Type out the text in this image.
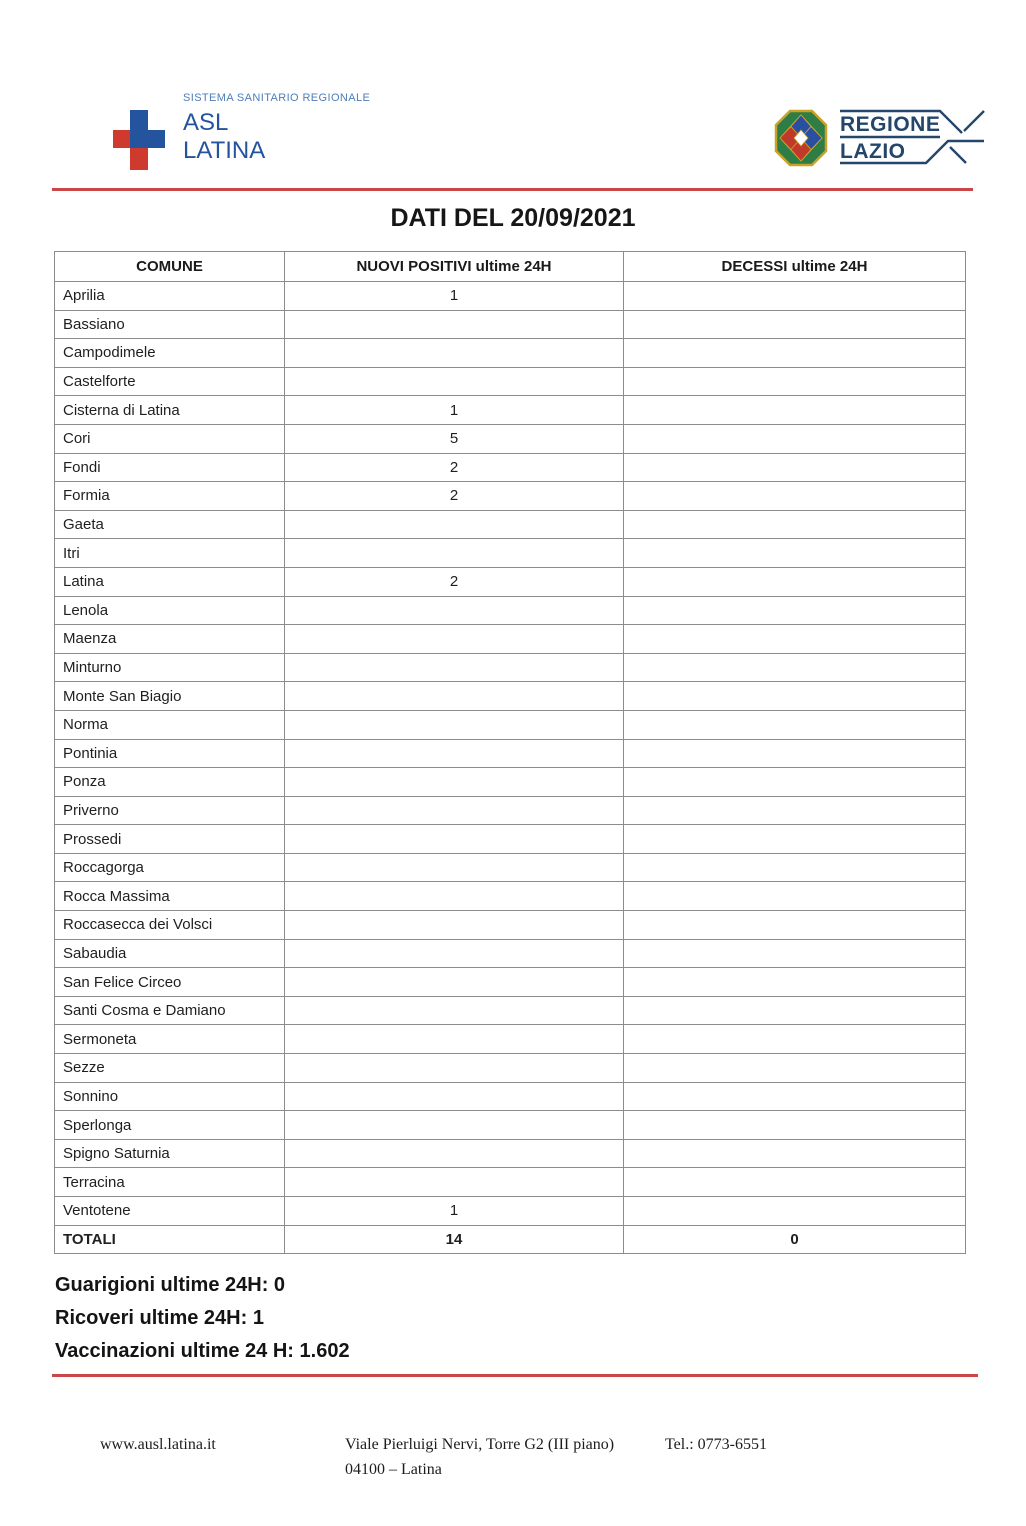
SISTEMA SANITARIO REGIONALE
ASL
LATINA
REGIONE
LAZIO
DATI DEL 20/09/2021
COMUNE	NUOVI POSITIVI ultime 24H	DECESSI ultime 24H
Aprilia	1	
Bassiano		
Campodimele		
Castelforte		
Cisterna di Latina	1	
Cori	5	
Fondi	2	
Formia	2	
Gaeta		
Itri		
Latina	2	
Lenola		
Maenza		
Minturno		
Monte San Biagio		
Norma		
Pontinia		
Ponza		
Priverno		
Prossedi		
Roccagorga		
Rocca Massima		
Roccasecca dei Volsci		
Sabaudia		
San Felice Circeo		
Santi Cosma e Damiano		
Sermoneta		
Sezze		
Sonnino		
Sperlonga		
Spigno Saturnia		
Terracina		
Ventotene	1	
TOTALI	14	0
Guarigioni ultime 24H: 0
Ricoveri ultime 24H: 1
Vaccinazioni ultime 24 H: 1.602
www.ausl.latina.it	Viale Pierluigi Nervi, Torre G2 (III piano)
04100 – Latina
Tel.: 0773-6551
